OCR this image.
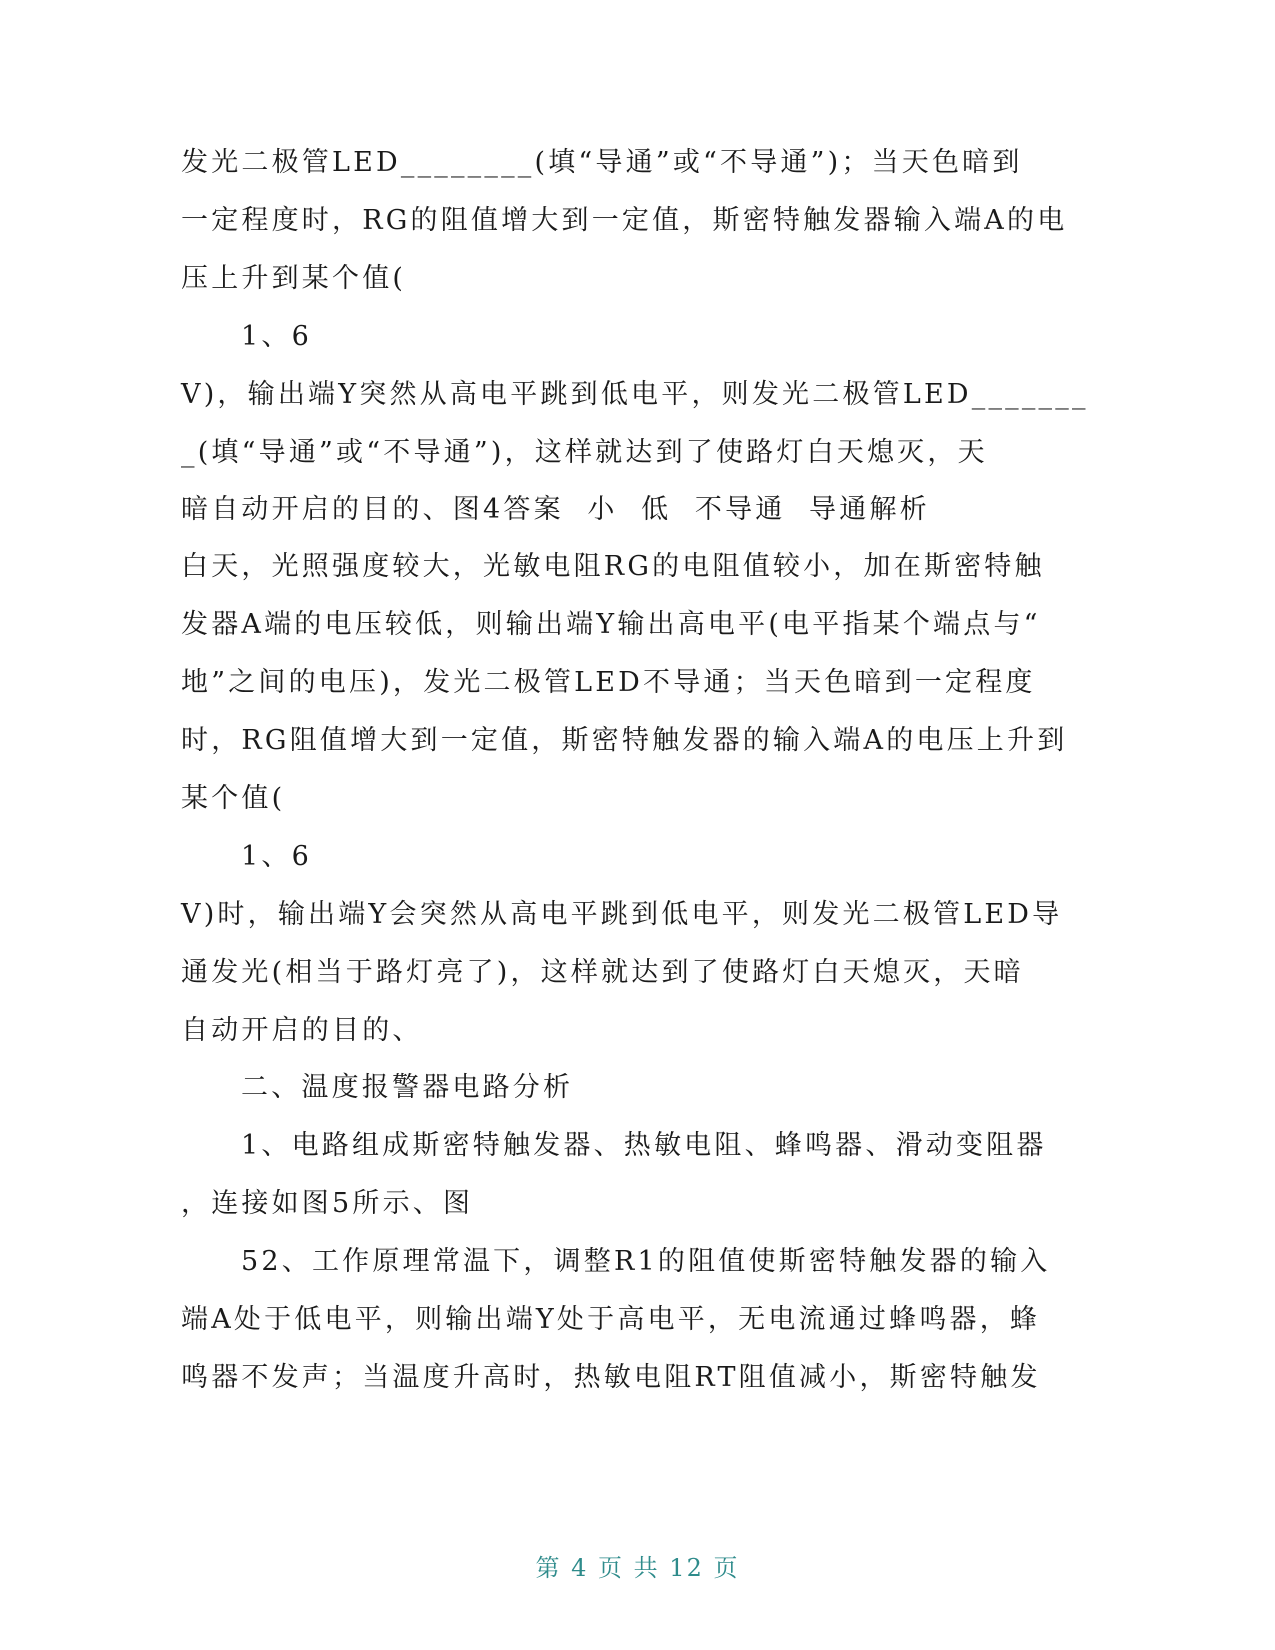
发光二极管LED________(填“导通”或“不导通”)；当天色暗到
一定程度时，RG的阻值增大到一定值，斯密特触发器输入端A的电
压上升到某个值(
1、6
V)，输出端Y突然从高电平跳到低电平，则发光二极管LED_______
_(填“导通”或“不导通”)，这样就达到了使路灯白天熄灭，天
暗自动开启的目的、图4答案  小  低  不导通  导通解析
白天，光照强度较大，光敏电阻RG的电阻值较小，加在斯密特触
发器A端的电压较低，则输出端Y输出高电平(电平指某个端点与“
地”之间的电压)，发光二极管LED不导通；当天色暗到一定程度
时，RG阻值增大到一定值，斯密特触发器的输入端A的电压上升到
某个值(
1、6
V)时，输出端Y会突然从高电平跳到低电平，则发光二极管LED导
通发光(相当于路灯亮了)，这样就达到了使路灯白天熄灭，天暗
自动开启的目的、
二、温度报警器电路分析
1、电路组成斯密特触发器、热敏电阻、蜂鸣器、滑动变阻器
，连接如图5所示、图
52、工作原理常温下，调整R1的阻值使斯密特触发器的输入
端A处于低电平，则输出端Y处于高电平，无电流通过蜂鸣器，蜂
鸣器不发声；当温度升高时，热敏电阻RT阻值减小，斯密特触发
第 4 页 共 12 页
